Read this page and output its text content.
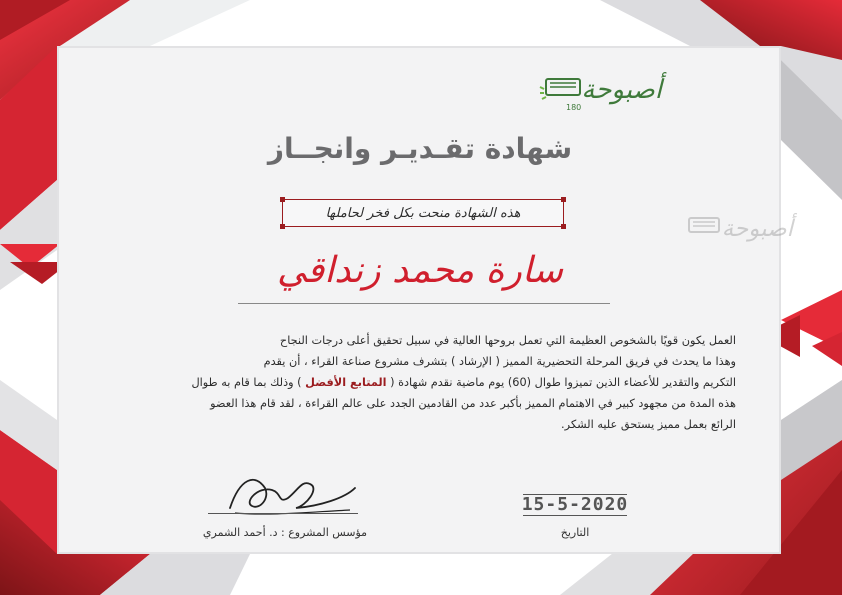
أصبوحة
180
أصبوحة
شهادة تقـديـر وانجــاز
هذه الشهادة منحت بكل فخر لحاملها
سارة محمد زنداقي
العمل يكون قويًا بالشخوص العظيمة التي تعمل بروحها العالية في سبيل تحقيق أعلى درجات النجاح
وهذا ما يحدث في فريق المرحلة التحضيرية المميز ( الإرشاد ) بتشرف مشروع صناعة القراء ، أن يقدم
التكريم والتقدير للأعضاء الذين تميزوا طوال (60) يوم ماضية نقدم شهادة ( المتابع الأفضل ) وذلك بما قام به طوال
هذه المدة من مجهود كبير في الاهتمام المميز بأكبر عدد من القادمين الجدد على عالم القراءة ، لقد قام هذا العضو
الرائع بعمل مميز يستحق عليه الشكر.
مؤسس المشروع : د. أحمد الشمري
15-5-2020
التاريخ
